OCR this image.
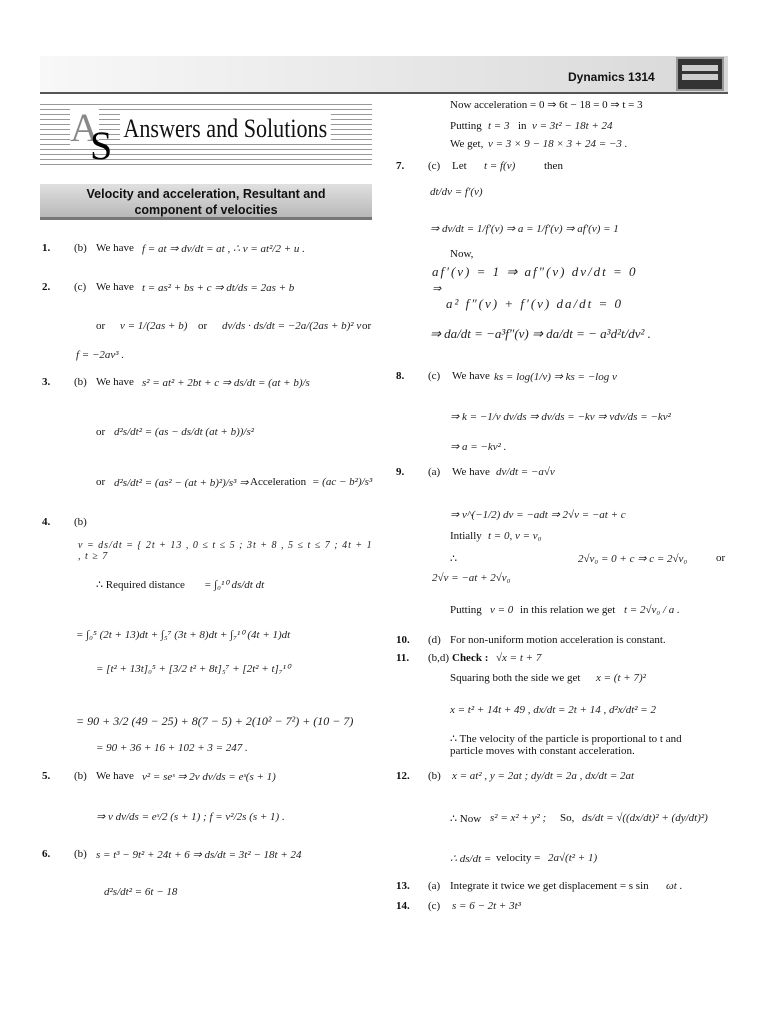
Dynamics 1314
A
S Answers and Solutions
Velocity and acceleration, Resultant and
component of velocities
1. (b) We have f = at ⇒ dv/dt = at , ∴ v = at²/2 + u .
2. (c) We have t = as² + bs + c ⇒ dt/ds = 2as + b
or v = 1/(2as + b) or dv/ds · ds/dt = −2a/(2as + b)² v or
f = −2av³ .
3. (b) We have s² = at² + 2bt + c ⇒ ds/dt = (at + b)/s
or d²s/dt² = (as − ds/dt (at + b))/s²
or d²s/dt² = (as² − (at + b)²)/s³ ⇒ Acceleration = (ac − b²)/s³
4. (b)
v = ds/dt = { 2t + 13 , 0 ≤ t ≤ 5 ; 3t + 8 , 5 ≤ t ≤ 7 ; 4t + 1 , t ≥ 7
∴ Required distance = ∫₀¹⁰ ds/dt dt
= ∫₀⁵ (2t + 13)dt + ∫₅⁷ (3t + 8)dt + ∫₇¹⁰ (4t + 1)dt
= [t² + 13t]₀⁵ + [3/2 t² + 8t]₅⁷ + [2t² + t]₇¹⁰
= 90 + 3/2 (49 − 25) + 8(7 − 5) + 2(10² − 7²) + (10 − 7)
= 90 + 36 + 16 + 102 + 3 = 247 .
5. (b) We have v² = seˢ ⇒ 2v dv/ds = eˢ(s + 1)
⇒ v dv/ds = eˢ/2 (s + 1) ; f = v²/2s (s + 1) .
6. (b) s = t³ − 9t² + 24t + 6 ⇒ ds/dt = 3t² − 18t + 24
d²s/dt² = 6t − 18
Now acceleration = 0 ⇒ 6t − 18 = 0 ⇒ t = 3
Putting t = 3 in v = 3t² − 18t + 24
We get, v = 3 × 9 − 18 × 3 + 24 = −3 .
7. (c) Let t = f(v)	then
dt/dv = f′(v)
⇒ dv/dt = 1/f′(v) ⇒ a = 1/f′(v) ⇒ af′(v) = 1
Now,
af′(v) = 1 ⇒ af″(v) dv/dt = 0
⇒
a² f″(v) + f′(v) da/dt = 0
⇒ da/dt = −a³f″(v) ⇒ da/dt = − a³d²t/dv² .
8. (c) We have ks = log(1/v) ⇒ ks = −log v
⇒ k = −1/v dv/ds ⇒ dv/ds = −kv ⇒ vdv/ds = −kv²
⇒ a = −kv² .
9. (a) We have dv/dt = −a√v
⇒ v^(−1/2) dv = −adt ⇒ 2√v = −at + c
Intially t = 0, v = v₀
∴	2√v₀ = 0 + c ⇒ c = 2√v₀	or
2√v = −at + 2√v₀
Putting v = 0 in this relation we get t = 2√v₀ / a .
10. (d) For non-uniform motion acceleration is constant.
11. (b,d) Check : √x = t + 7
Squaring both the side we get x = (t + 7)²
x = t² + 14t + 49 , dx/dt = 2t + 14 , d²x/dt² = 2
∴ The velocity of the particle is proportional to t and
particle moves with constant acceleration.
12. (b) x = at² , y = 2at ; dy/dt = 2a , dx/dt = 2at
∴ Now s² = x² + y² ; So, ds/dt = √((dx/dt)² + (dy/dt)²)
∴ ds/dt = velocity = 2a√(t² + 1)
13. (a) Integrate it twice we get displacement = s sin ωt .
14. (c) s = 6 − 2t + 3t³
